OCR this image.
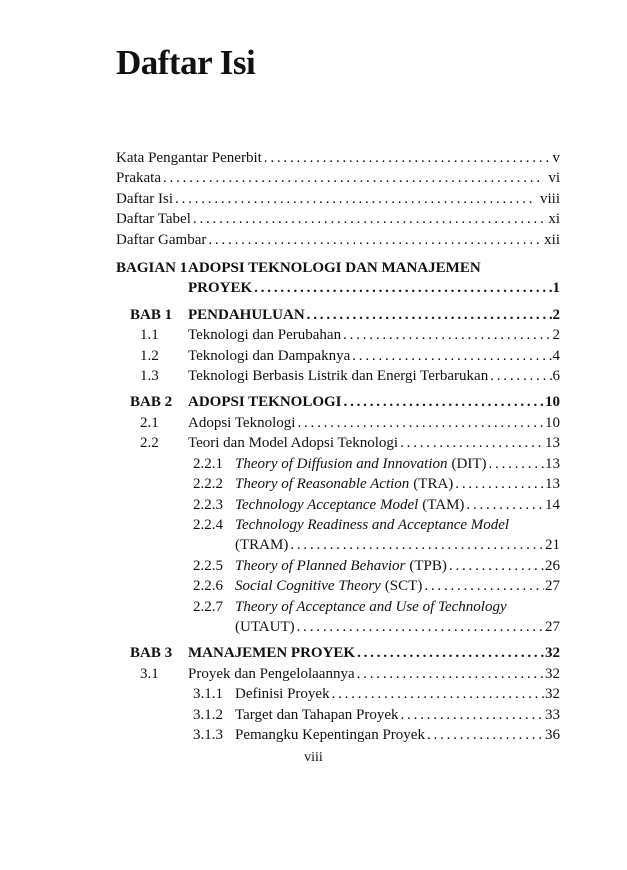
Daftar Isi
Kata Pengantar Penerbit .....	v
Prakata .....	vi
Daftar Isi .....	viii
Daftar Tabel .....	xi
Daftar Gambar .....	xii
BAGIAN 1 ADOPSI TEKNOLOGI DAN MANAJEMEN
PROYEK .....	1
BAB 1	PENDAHULUAN .....	2
1.1	Teknologi dan Perubahan .....	2
1.2	Teknologi dan Dampaknya .....	4
1.3	Teknologi Berbasis Listrik dan Energi Terbarukan .....	6
BAB 2	ADOPSI TEKNOLOGI .....	10
2.1	Adopsi Teknologi .....	10
2.2	Teori dan Model Adopsi Teknologi .....	13
2.2.1 Theory of Diffusion and Innovation (DIT) .....	13
2.2.2 Theory of Reasonable Action (TRA) .....	13
2.2.3 Technology Acceptance Model (TAM) .....	14
2.2.4 Technology Readiness and Acceptance Model
(TRAM) .....	21
2.2.5 Theory of Planned Behavior (TPB) .....	26
2.2.6 Social Cognitive Theory (SCT) .....	27
2.2.7 Theory of Acceptance and Use of Technology
(UTAUT) .....	27
BAB 3	MANAJEMEN PROYEK .....	32
3.1	Proyek dan Pengelolaannya .....	32
3.1.1 Definisi Proyek .....	32
3.1.2 Target dan Tahapan Proyek .....	33
3.1.3 Pemangku Kepentingan Proyek .....	36
viii
